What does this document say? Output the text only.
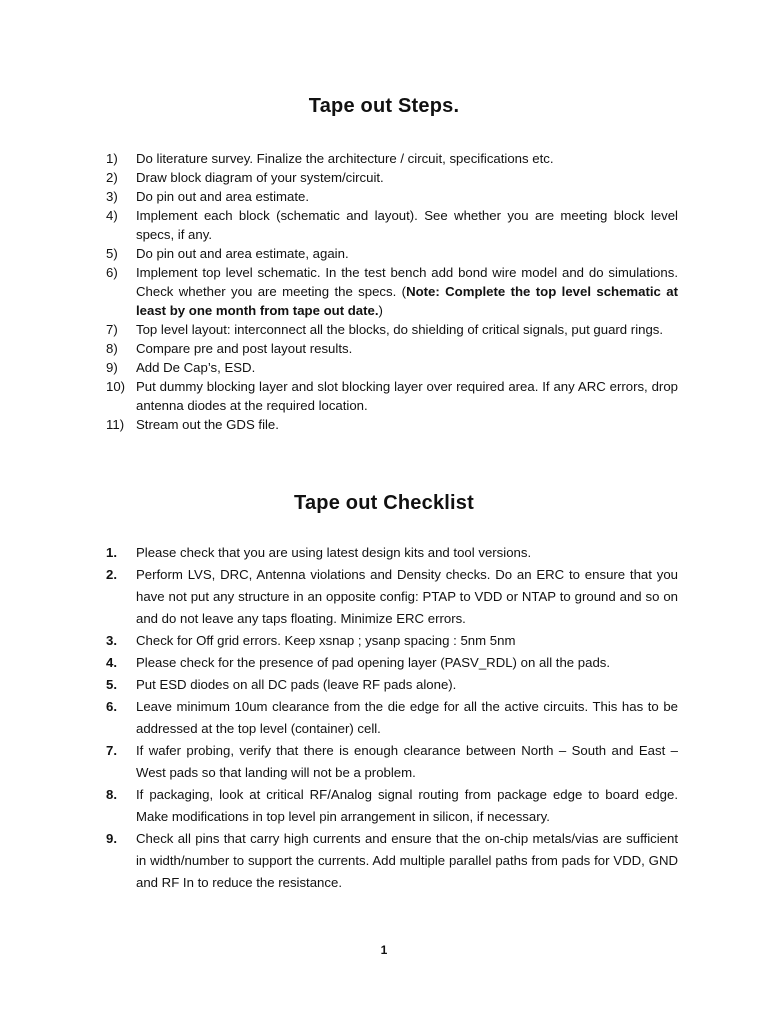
Tape out Steps.
1)	Do literature survey. Finalize the architecture / circuit, specifications etc.
2)	Draw block diagram of your system/circuit.
3)	Do pin out and area estimate.
4)	Implement each block (schematic and layout). See whether you are meeting block level specs, if any.
5)	Do pin out and area estimate, again.
6)	Implement top level schematic. In the test bench add bond wire model and do simulations. Check whether you are meeting the specs. (Note: Complete the top level schematic at least by one month from tape out date.)
7)	Top level layout: interconnect all the blocks, do shielding of critical signals, put guard rings.
8)	Compare pre and post layout results.
9)	Add De Cap’s, ESD.
10) Put dummy blocking layer and slot blocking layer over required area. If any ARC errors, drop antenna diodes at the required location.
11) Stream out the GDS file.
Tape out Checklist
1.	Please check that you are using latest design kits and tool versions.
2.	Perform LVS, DRC, Antenna violations and Density checks. Do an ERC to ensure that you have not put any structure in an opposite config: PTAP to VDD or NTAP to ground and so on and do not leave any taps floating. Minimize ERC errors.
3.	Check for Off grid errors. Keep xsnap ; ysanp spacing : 5nm 5nm
4.	Please check for the presence of pad opening layer (PASV_RDL) on all the pads.
5.	Put ESD diodes on all DC pads (leave RF pads alone).
6.	Leave minimum 10um clearance from the die edge for all the active circuits. This has to be addressed at the top level (container) cell.
7.	If wafer probing, verify that there is enough clearance between North – South and East – West pads so that landing will not be a problem.
8.	If packaging, look at critical RF/Analog signal routing from package edge to board edge. Make modifications in top level pin arrangement in silicon, if necessary.
9.	Check all pins that carry high currents and ensure that the on-chip metals/vias are sufficient in width/number to support the currents. Add multiple parallel paths from pads for VDD, GND and RF In to reduce the resistance.
1
